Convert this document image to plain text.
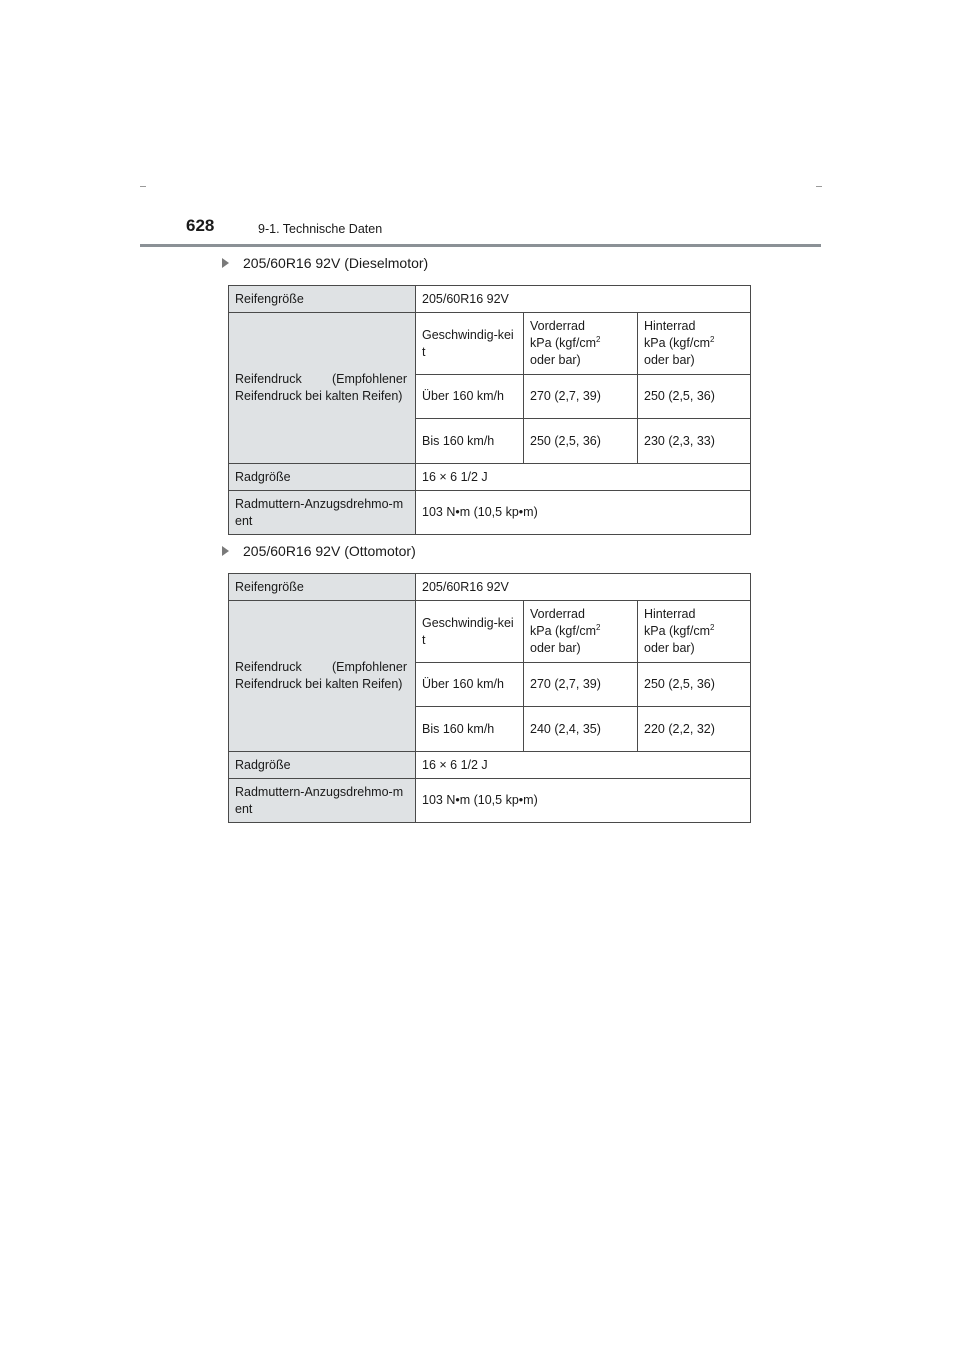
628	9-1. Technische Daten
205/60R16 92V (Dieselmotor)
Reifengröße	205/60R16 92V		

Reifendruck (Empfohlener Reifendruck bei kalten Reifen)	Geschwindig-keit	Vorderrad
kPa ($kgf/cm^2$
oder bar)	Hinterrad
kPa ($kgf/cm^2$
oder bar)

	Über 160 km/h	270 (2,7, 39)	250 (2,5, 36)
	Bis 160 km/h	250 (2,5, 36)	230 (2,3, 33)
Radgröße	16 × 6 1/2 J		
Radmuttern-Anzugsdrehmo-ment	103 N•m (10,5 kp•m)		
205/60R16 92V (Ottomotor)
Reifengröße	205/60R16 92V		

Reifendruck (Empfohlener Reifendruck bei kalten Reifen)	Geschwindig-keit	Vorderrad
kPa ($kgf/cm^2$
oder bar)	Hinterrad
kPa ($kgf/cm^2$
oder bar)

	Über 160 km/h	270 (2,7, 39)	250 (2,5, 36)
	Bis 160 km/h	240 (2,4, 35)	220 (2,2, 32)
Radgröße	16 × 6 1/2 J		
Radmuttern-Anzugsdrehmo-ment	103 N•m (10,5 kp•m)		
